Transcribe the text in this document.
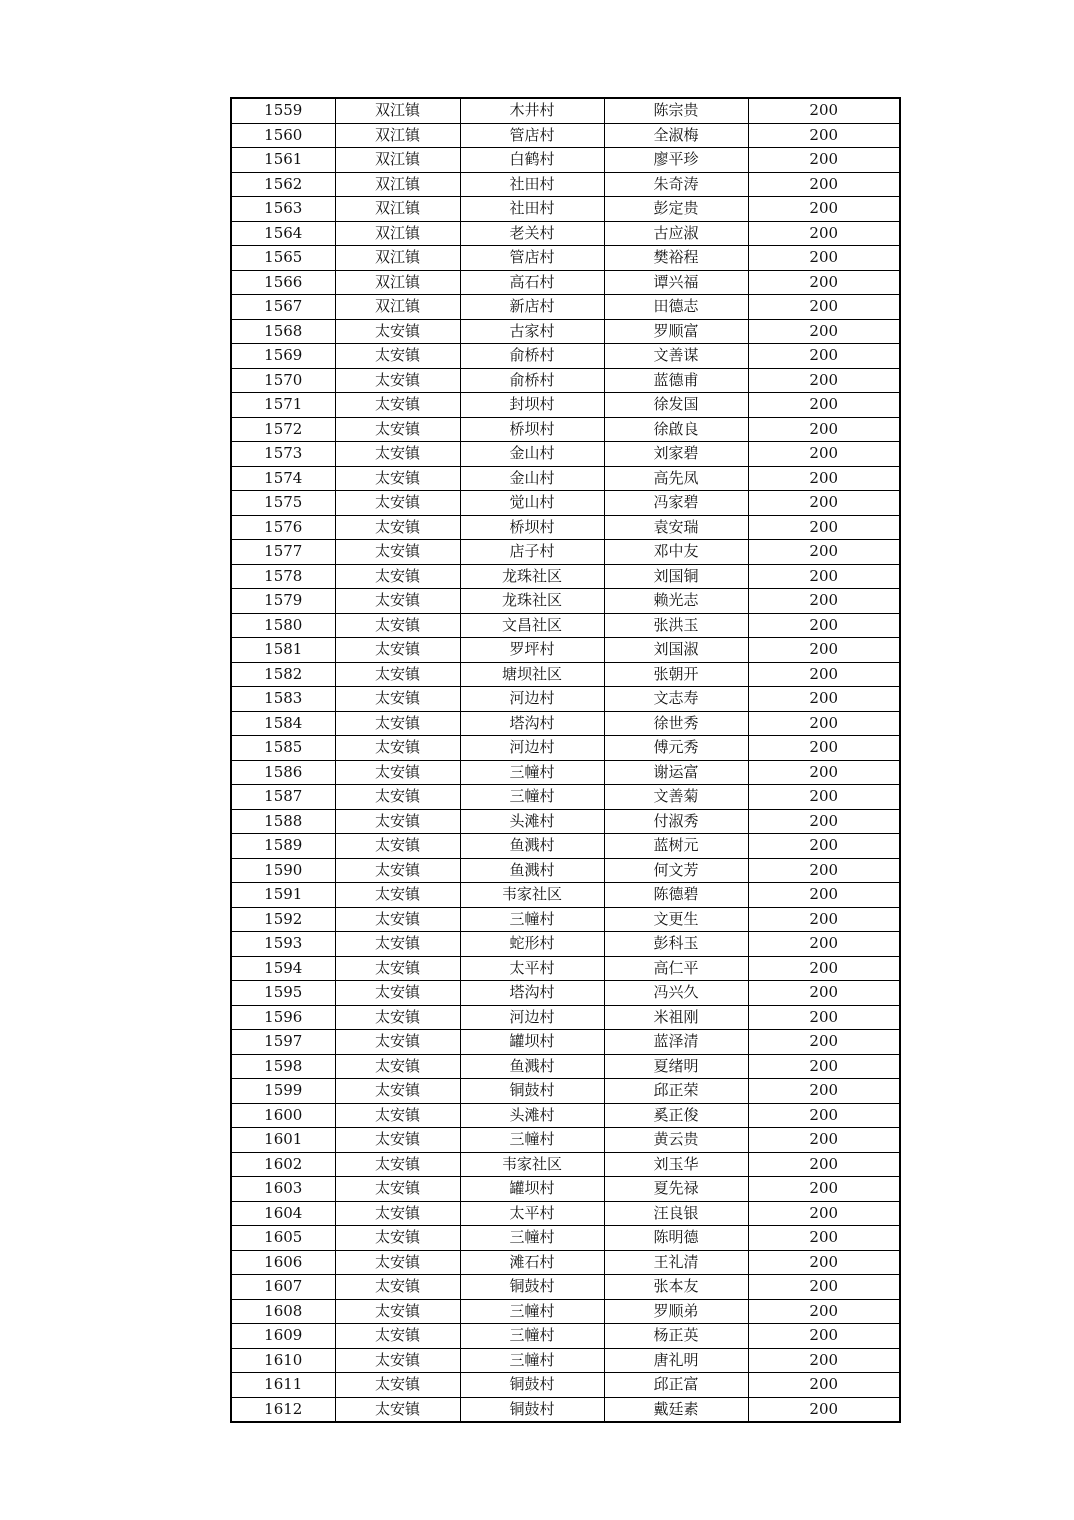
1559	双江镇	木井村	陈宗贵	200
1560	双江镇	管店村	全淑梅	200
1561	双江镇	白鹤村	廖平珍	200
1562	双江镇	社田村	朱奇涛	200
1563	双江镇	社田村	彭定贵	200
1564	双江镇	老关村	古应淑	200
1565	双江镇	管店村	樊裕程	200
1566	双江镇	高石村	谭兴福	200
1567	双江镇	新店村	田德志	200
1568	太安镇	古家村	罗顺富	200
1569	太安镇	俞桥村	文善谋	200
1570	太安镇	俞桥村	蓝德甫	200
1571	太安镇	封坝村	徐发国	200
1572	太安镇	桥坝村	徐啟良	200
1573	太安镇	金山村	刘家碧	200
1574	太安镇	金山村	高先凤	200
1575	太安镇	觉山村	冯家碧	200
1576	太安镇	桥坝村	袁安瑞	200
1577	太安镇	店子村	邓中友	200
1578	太安镇	龙珠社区	刘国铜	200
1579	太安镇	龙珠社区	赖光志	200
1580	太安镇	文昌社区	张洪玉	200
1581	太安镇	罗坪村	刘国淑	200
1582	太安镇	塘坝社区	张朝开	200
1583	太安镇	河边村	文志寿	200
1584	太安镇	塔沟村	徐世秀	200
1585	太安镇	河边村	傅元秀	200
1586	太安镇	三幢村	谢运富	200
1587	太安镇	三幢村	文善菊	200
1588	太安镇	头滩村	付淑秀	200
1589	太安镇	鱼溅村	蓝树元	200
1590	太安镇	鱼溅村	何文芳	200
1591	太安镇	韦家社区	陈德碧	200
1592	太安镇	三幢村	文更生	200
1593	太安镇	蛇形村	彭科玉	200
1594	太安镇	太平村	高仁平	200
1595	太安镇	塔沟村	冯兴久	200
1596	太安镇	河边村	米祖刚	200
1597	太安镇	罐坝村	蓝泽清	200
1598	太安镇	鱼溅村	夏绪明	200
1599	太安镇	铜鼓村	邱正荣	200
1600	太安镇	头滩村	奚正俊	200
1601	太安镇	三幢村	黄云贵	200
1602	太安镇	韦家社区	刘玉华	200
1603	太安镇	罐坝村	夏先禄	200
1604	太安镇	太平村	汪良银	200
1605	太安镇	三幢村	陈明德	200
1606	太安镇	滩石村	王礼清	200
1607	太安镇	铜鼓村	张本友	200
1608	太安镇	三幢村	罗顺弟	200
1609	太安镇	三幢村	杨正英	200
1610	太安镇	三幢村	唐礼明	200
1611	太安镇	铜鼓村	邱正富	200
1612	太安镇	铜鼓村	戴廷素	200
